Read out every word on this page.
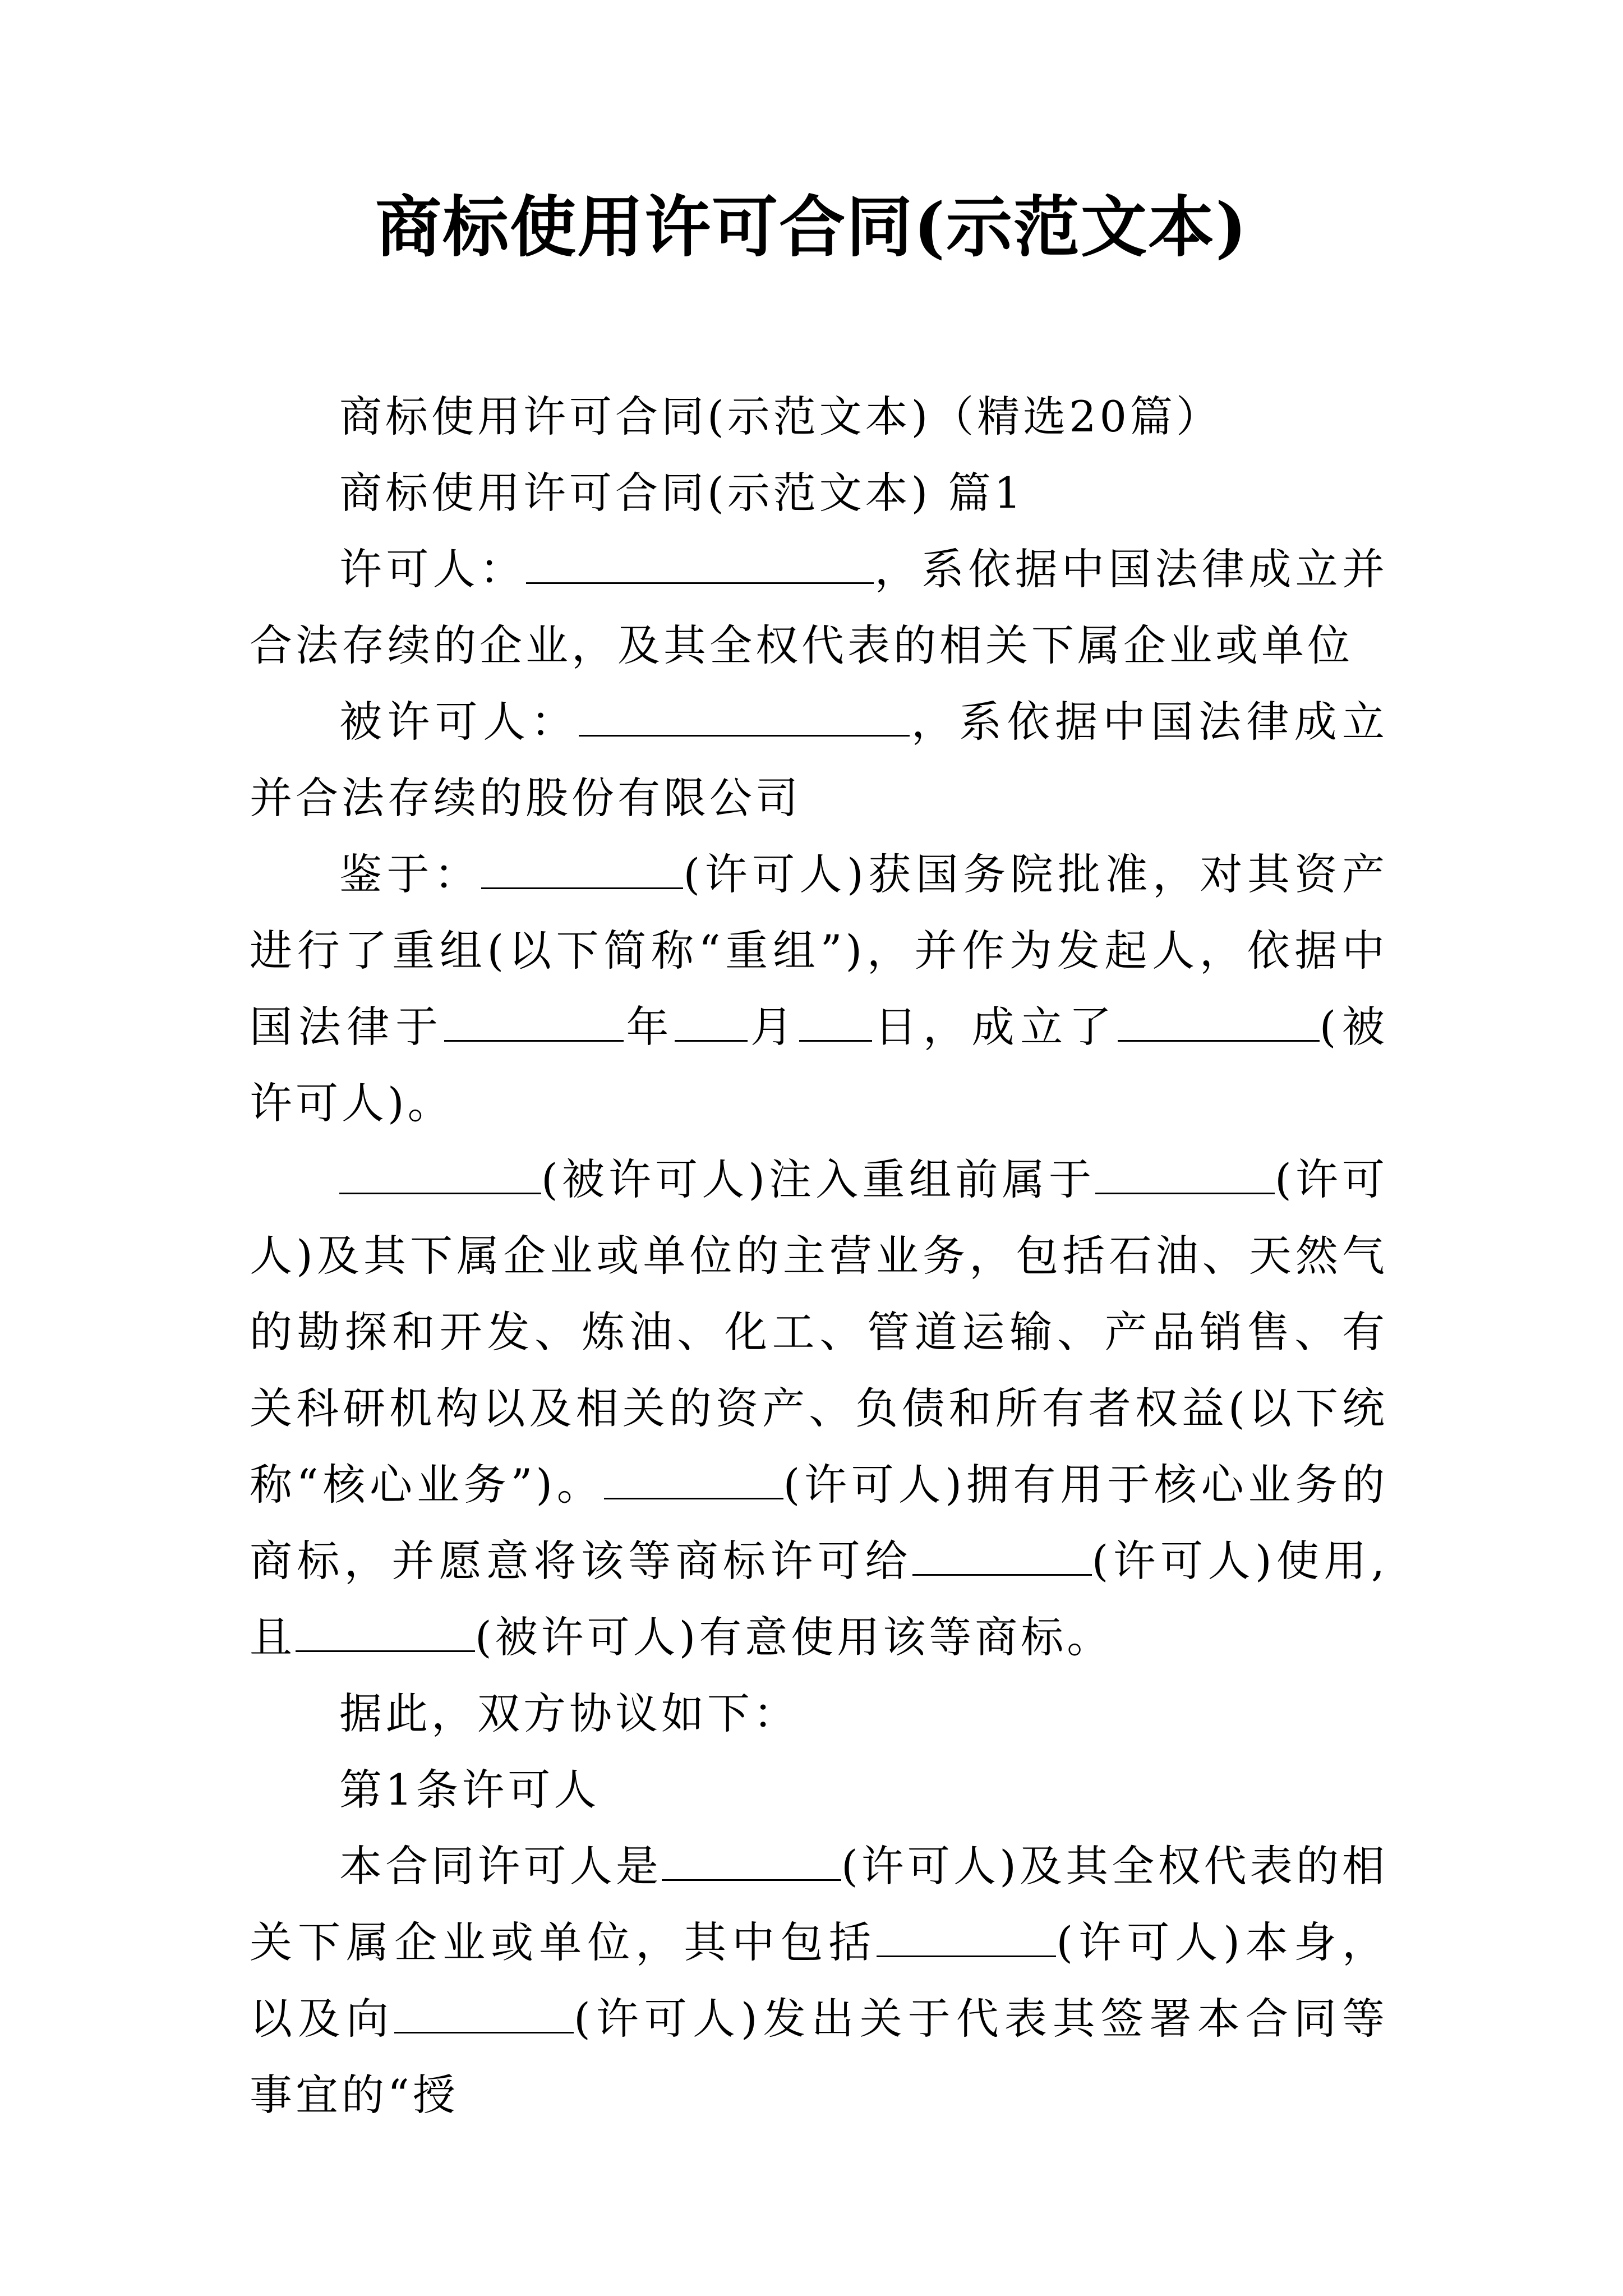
商标使用许可合同(示范文本)

商标使用许可合同(示范文本)（精选20篇）

商标使用许可合同(示范文本) 篇1

许可人：	，系依据中国法律成立并合法存续的企业，及其全权代表的相关下属企业或单位

被许可人：	，系依据中国法律成立并合法存续的股份有限公司

鉴于：	(许可人)获国务院批准，对其资产进行了重组(以下简称“重组”)，并作为发起人，依据中国法律于	年 月 日，成立了	(被许可人)。

(被许可人)注入重组前属于	(许可人)及其下属企业或单位的主营业务，包括石油、天然气的勘探和开发、炼油、化工、管道运输、产品销售、有关科研机构以及相关的资产、负债和所有者权益(以下统称“核心业务”)。	(许可人)拥有用于核心业务的商标，并愿意将该等商标许可给	(许可人)使用,且	(被许可人)有意使用该等商标。

据此，双方协议如下：

第1条许可人

本合同许可人是	(许可人)及其全权代表的相关下属企业或单位，其中包括	(许可人)本身，以及向	(许可人)发出关于代表其签署本合同等事宜的“授
